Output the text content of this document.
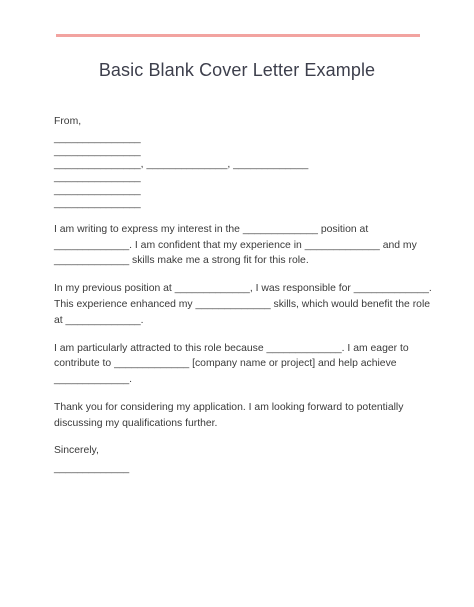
Basic Blank Cover Letter Example
From,
_______________
_______________
_______________, ______________, _____________
_______________
_______________
_______________
I am writing to express my interest in the _____________ position at
_____________. I am confident that my experience in _____________ and my
_____________ skills make me a strong fit for this role.
In my previous position at _____________, I was responsible for _____________.
This experience enhanced my _____________ skills, which would benefit the role
at _____________.
I am particularly attracted to this role because _____________. I am eager to
contribute to _____________ [company name or project] and help achieve
_____________.
Thank you for considering my application. I am looking forward to potentially
discussing my qualifications further.
Sincerely,
_____________
